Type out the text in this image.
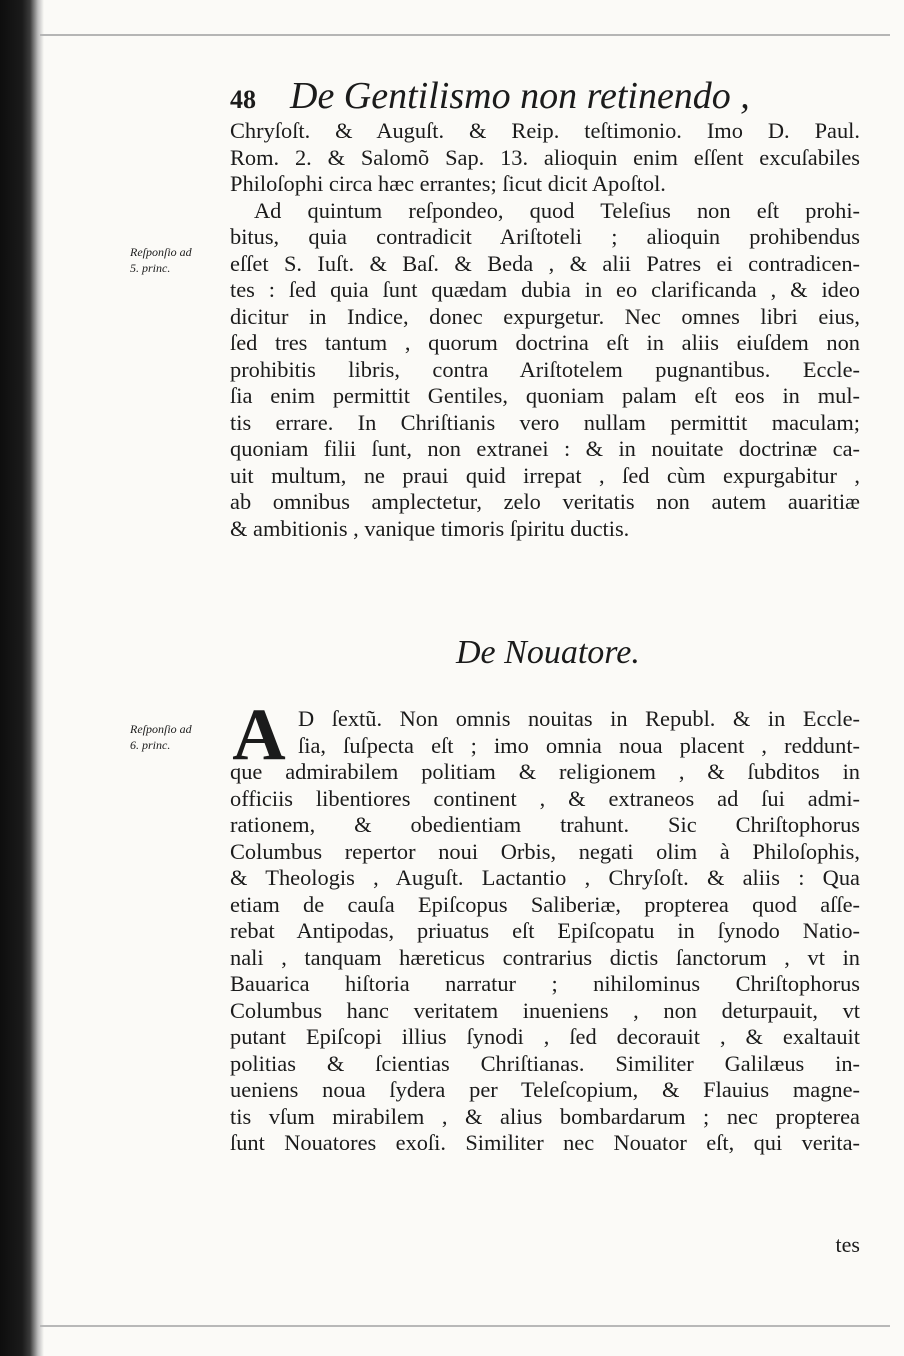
48 De Gentilismo non retinendo ,
Chryſoſt. & Auguſt. & Reip. teſtimonio. Imo D. Paul.
Rom. 2. & Salomõ Sap. 13. alioquin enim eſſent excuſabiles
Philoſophi circa hæc errantes; ſicut dicit Apoſtol.
Ad quintum reſpondeo, quod Teleſius non eſt prohi-
bitus, quia contradicit Ariſtoteli ; alioquin prohibendus
eſſet S. Iuſt. & Baſ. & Beda , & alii Patres ei contradicen-
tes : ſed quia ſunt quædam dubia in eo clarificanda , & ideo
dicitur in Indice, donec expurgetur. Nec omnes libri eius,
ſed tres tantum , quorum doctrina eſt in aliis eiuſdem non
prohibitis libris, contra Ariſtotelem pugnantibus. Eccle-
ſia enim permittit Gentiles, quoniam palam eſt eos in mul-
tis errare. In Chriſtianis vero nullam permittit maculam;
quoniam filii ſunt, non extranei : & in nouitate doctrinæ ca-
uit multum, ne praui quid irrepat , ſed cùm expurgabitur ,
ab omnibus amplectetur, zelo veritatis non autem auaritiæ
& ambitionis , vanique timoris ſpiritu ductis.
Reſponſio ad
5. princ.
De Nouatore.
A D ſextũ. Non omnis nouitas in Republ. & in Eccle-
ſia, ſuſpecta eſt ; imo omnia noua placent , reddunt-
que admirabilem politiam & religionem , & ſubditos in
officiis libentiores continent , & extraneos ad ſui admi-
rationem, & obedientiam trahunt. Sic Chriſtophorus
Columbus repertor noui Orbis, negati olim à Philoſophis,
& Theologis , Auguſt. Lactantio , Chryſoſt. & aliis : Qua
etiam de cauſa Epiſcopus Saliberiæ, propterea quod aſſe-
rebat Antipodas, priuatus eſt Epiſcopatu in ſynodo Natio-
nali , tanquam hæreticus contrarius dictis ſanctorum , vt in
Bauarica hiſtoria narratur ; nihilominus Chriſtophorus
Columbus hanc veritatem inueniens , non deturpauit, vt
putant Epiſcopi illius ſynodi , ſed decorauit , & exaltauit
politias & ſcientias Chriſtianas. Similiter Galilæus in-
ueniens noua ſydera per Teleſcopium, & Flauius magne-
tis vſum mirabilem , & alius bombardarum ; nec propterea
ſunt Nouatores exoſi. Similiter nec Nouator eſt, qui verita-
Reſponſio ad
6. princ.
tes
